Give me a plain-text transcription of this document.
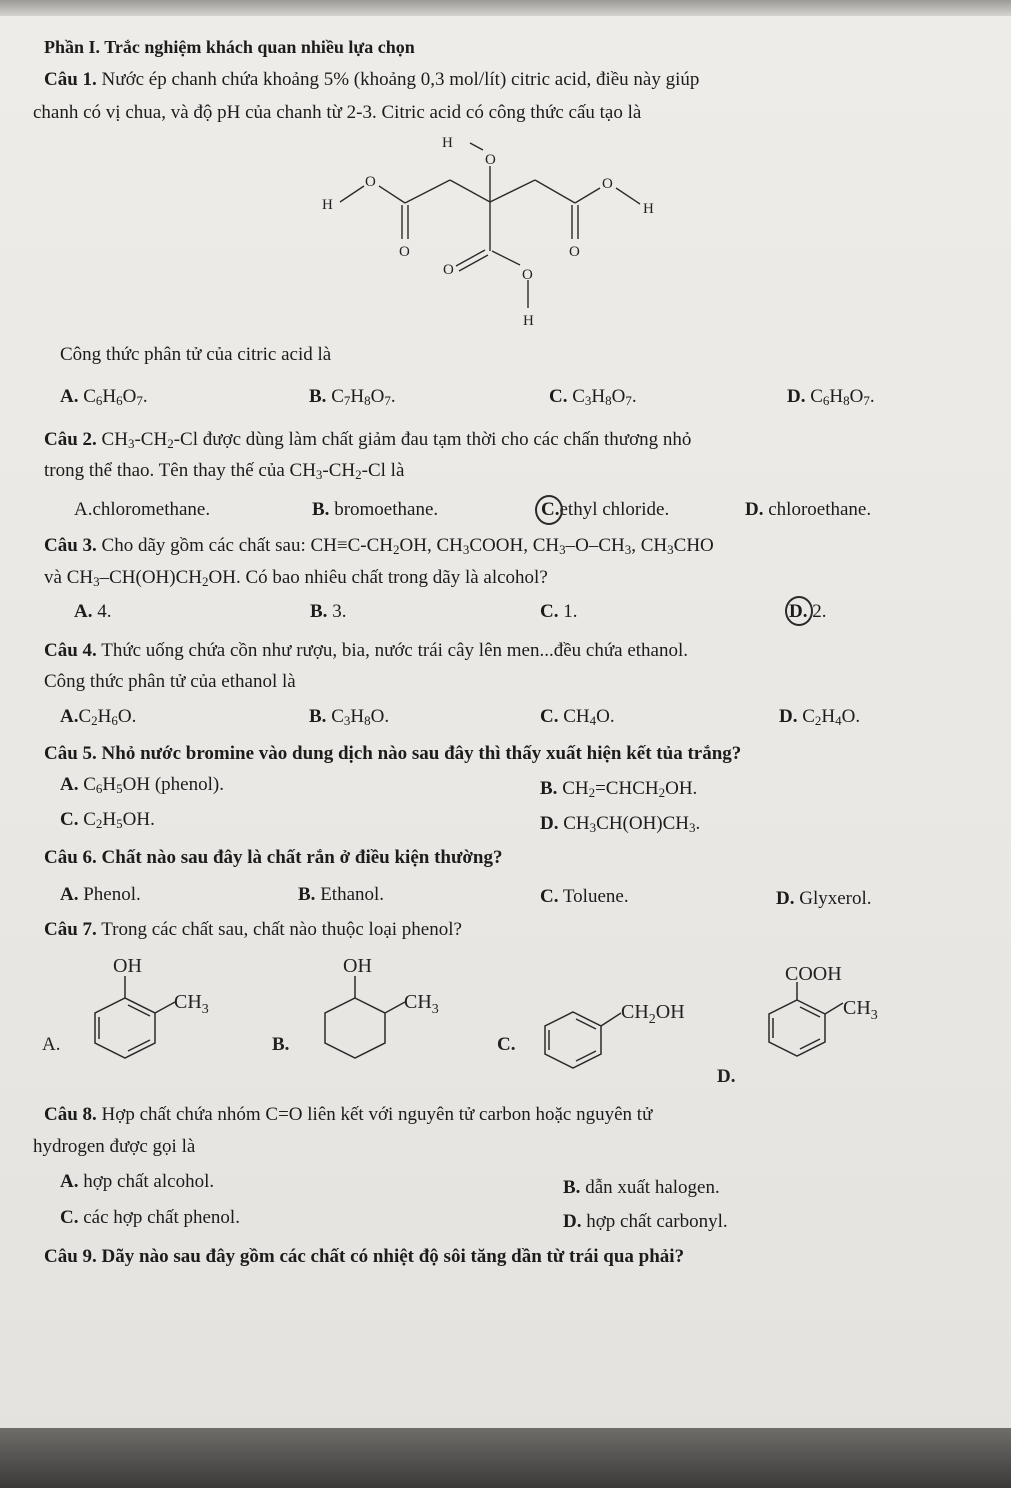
Phần I. Trắc nghiệm khách quan nhiều lựa chọn
Câu 1. Nước ép chanh chứa khoảng 5% (khoảng 0,3 mol/lít) citric acid, điều này giúp
chanh có vị chua, và độ pH của chanh từ 2-3. Citric acid có công thức cấu tạo là
H
O
O
H
O
H
O	O
O	O
H
Công thức phân tử của citric acid là
A. $C_6H_6O_7$.	B. $C_7H_8O_7$.	C. $C_3H_8O_7$.	D. $C_6H_8O_7$.
Câu 2. $CH_3-CH_2-Cl$ được dùng làm chất giảm đau tạm thời cho các chấn thương nhỏ
trong thể thao. Tên thay thế của $CH_3-CH_2-Cl$ là
A.chloromethane.	B. bromoethane.	C.ethyl chloride.	D. chloroethane.
Câu 3. Cho dãy gồm các chất sau: $CH\equiv C-CH_2OH$, $CH_3COOH$, $CH_3-O-CH_3$, $CH_3CHO$
và $CH_3-CH(OH)CH_2OH$. Có bao nhiêu chất trong dãy là alcohol?
A. 4.	B. 3.	C. 1.	D. 2.
Câu 4. Thức uống chứa cồn như rượu, bia, nước trái cây lên men...đều chứa ethanol.
Công thức phân tử của ethanol là
$A.C_2H_6O$.	B. $C_3H_8O$.	C. $CH_4O$.	D. $C_2H_4O$.
Câu 5. Nhỏ nước bromine vào dung dịch nào sau đây thì thấy xuất hiện kết tủa trắng?
A. $C_6H_5OH$ (phenol).	B. $CH_2=CHCH_2OH$.
C. $C_2H_5OH$.	D. $CH_3CH(OH)CH_3$.
Câu 6. Chất nào sau đây là chất rắn ở điều kiện thường?
A. Phenol.	B. Ethanol.	C. Toluene.	D. Glyxerol.
Câu 7. Trong các chất sau, chất nào thuộc loại phenol?
OH
$CH_3$
A.
OH
$CH_3$
B.
$CH_2OH$
C.
COOH
$CH_3$
D.
Câu 8. Hợp chất chứa nhóm C=O liên kết với nguyên tử carbon hoặc nguyên tử
hydrogen được gọi là
A. hợp chất alcohol.	B. dẫn xuất halogen.
C. các hợp chất phenol.	D. hợp chất carbonyl.
Câu 9. Dãy nào sau đây gồm các chất có nhiệt độ sôi tăng dần từ trái qua phải?
